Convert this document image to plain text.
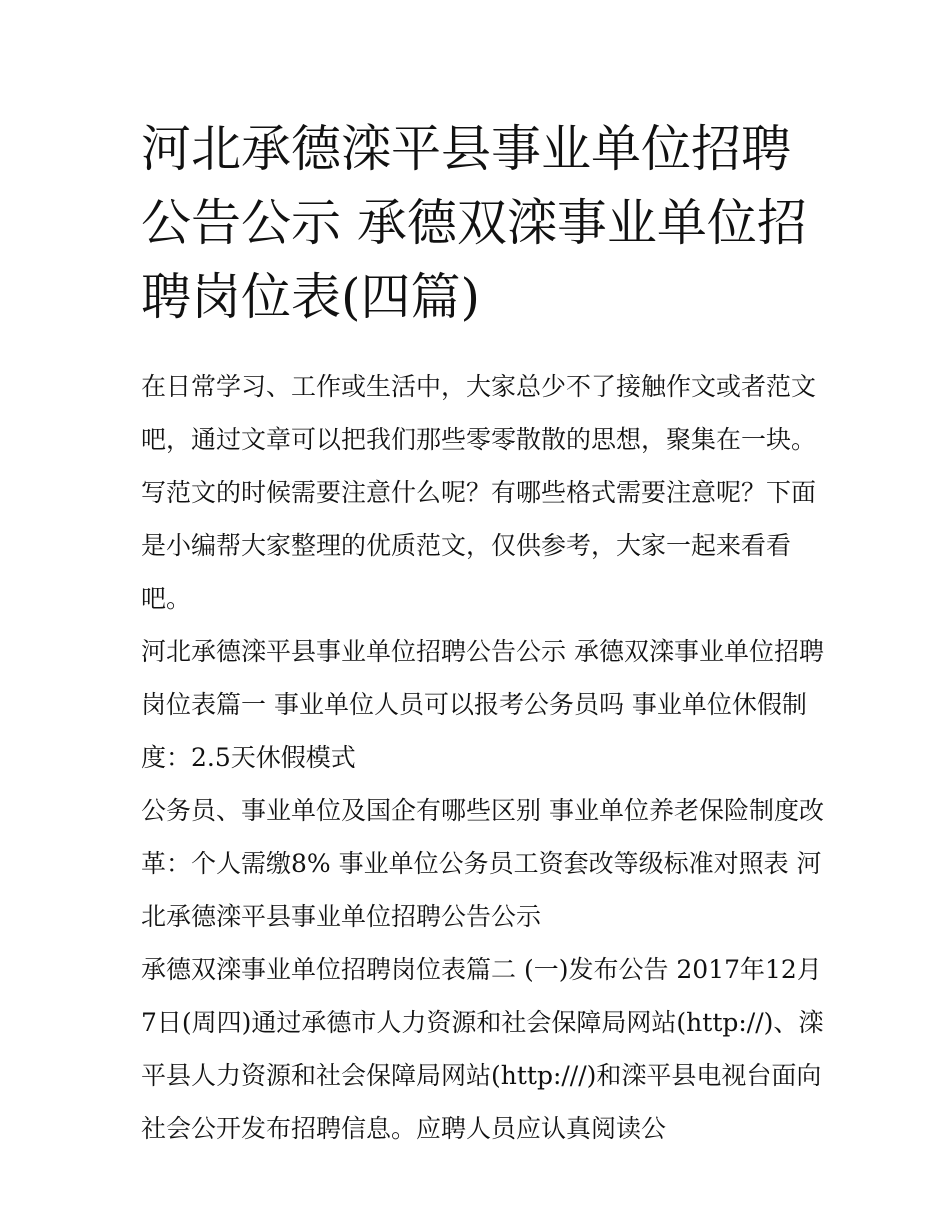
河北承德滦平县事业单位招聘公告公示 承德双滦事业单位招聘岗位表(四篇)

在日常学习、工作或生活中，大家总少不了接触作文或者范文吧，通过文章可以把我们那些零零散散的思想，聚集在一块。写范文的时候需要注意什么呢？有哪些格式需要注意呢？下面是小编帮大家整理的优质范文，仅供参考，大家一起来看看吧。

河北承德滦平县事业单位招聘公告公示 承德双滦事业单位招聘岗位表篇一 事业单位人员可以报考公务员吗 事业单位休假制度：2.5天休假模式

公务员、事业单位及国企有哪些区别 事业单位养老保险制度改革：个人需缴8% 事业单位公务员工资套改等级标准对照表 河北承德滦平县事业单位招聘公告公示

承德双滦事业单位招聘岗位表篇二 (一)发布公告 2017年12月7日(周四)通过承德市人力资源和社会保障局网站(http://)、滦平县人力资源和社会保障局网站(http:///)和滦平县电视台面向社会公开发布招聘信息。应聘人员应认真阅读公
